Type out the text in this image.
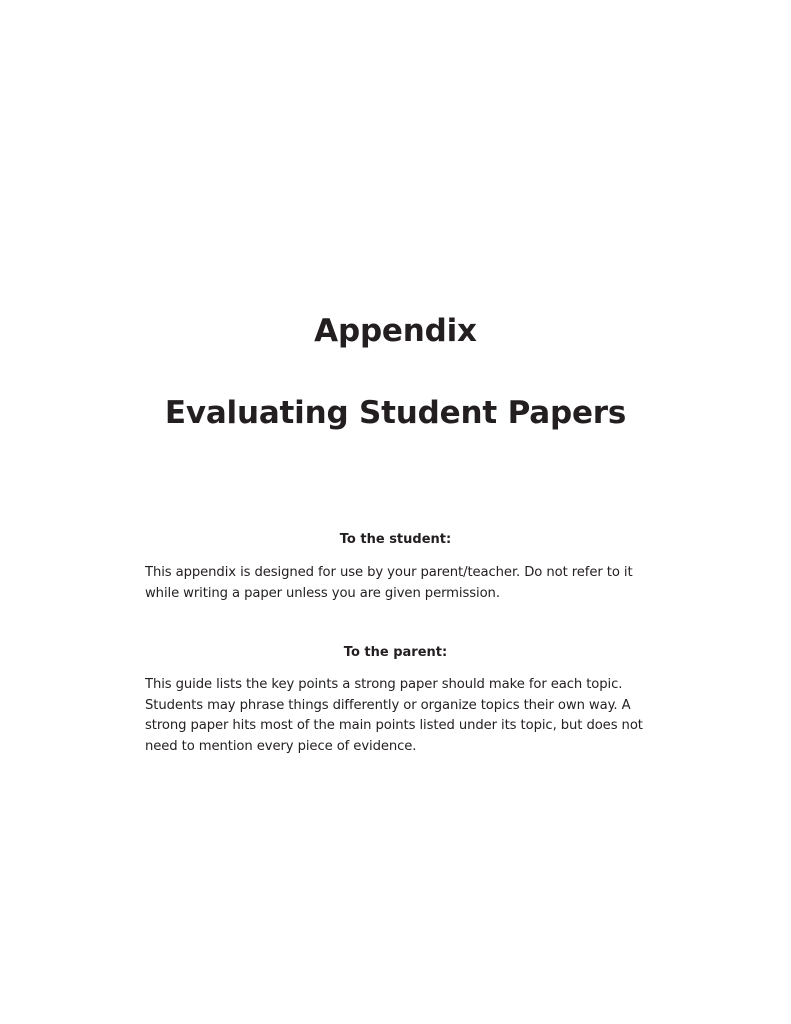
Appendix
Evaluating Student Papers
To the student:

This appendix is designed for use by your parent/teacher. Do not refer to it
while writing a paper unless you are given permission.

To the parent:

This guide lists the key points a strong paper should make for each topic.
Students may phrase things differently or organize topics their own way. A
strong paper hits most of the main points listed under its topic, but does not
need to mention every piece of evidence.
